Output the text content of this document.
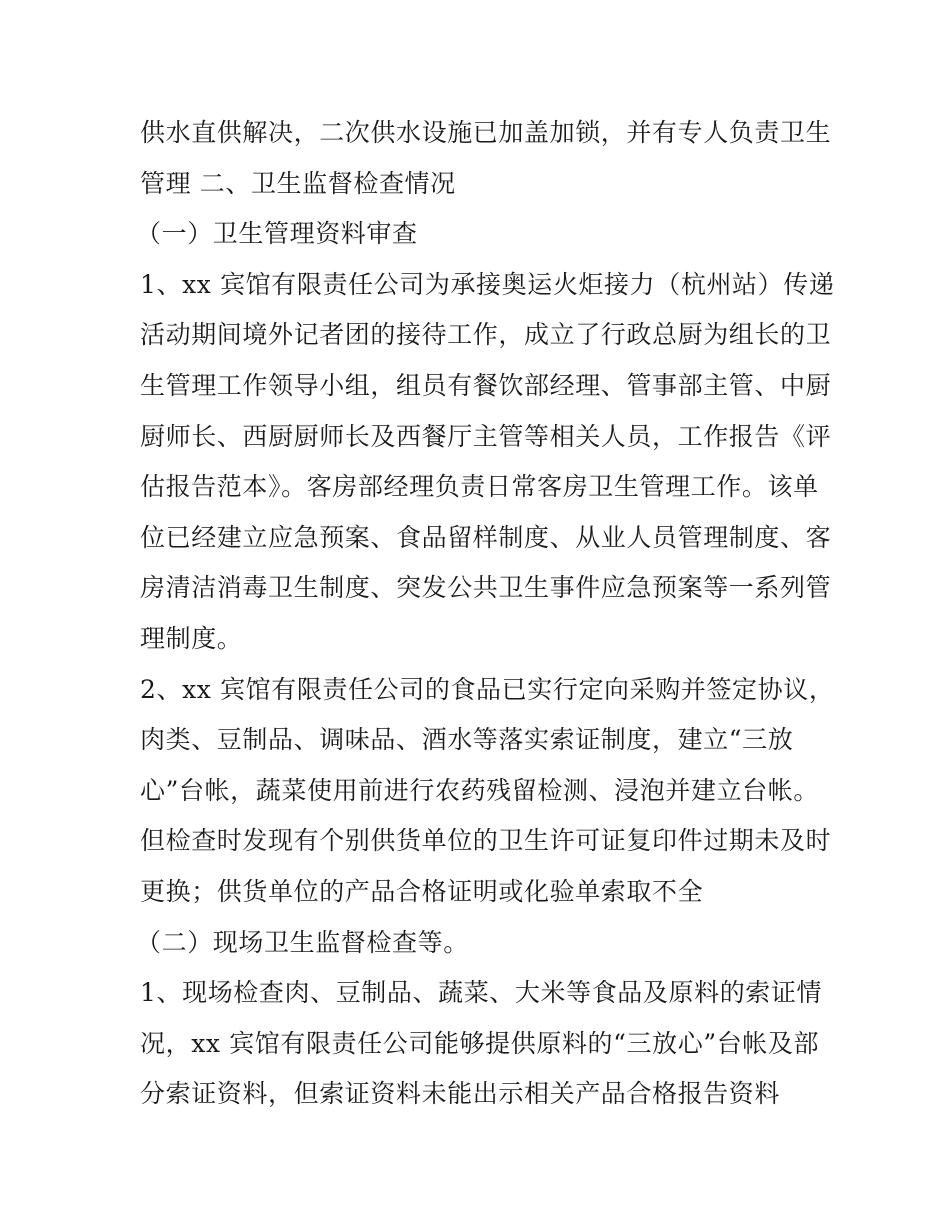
供水直供解决，二次供水设施已加盖加锁，并有专人负责卫生
管理 二、卫生监督检查情况
（一）卫生管理资料审查
1、xx 宾馆有限责任公司为承接奥运火炬接力（杭州站）传递
活动期间境外记者团的接待工作，成立了行政总厨为组长的卫
生管理工作领导小组，组员有餐饮部经理、管事部主管、中厨
厨师长、西厨厨师长及西餐厅主管等相关人员，工作报告《评
估报告范本》。客房部经理负责日常客房卫生管理工作。该单
位已经建立应急预案、食品留样制度、从业人员管理制度、客
房清洁消毒卫生制度、突发公共卫生事件应急预案等一系列管
理制度。
2、xx 宾馆有限责任公司的食品已实行定向采购并签定协议，
肉类、豆制品、调味品、酒水等落实索证制度，建立“三放
心”台帐，蔬菜使用前进行农药残留检测、浸泡并建立台帐。
但检查时发现有个别供货单位的卫生许可证复印件过期未及时
更换；供货单位的产品合格证明或化验单索取不全
（二）现场卫生监督检查等。
1、现场检查肉、豆制品、蔬菜、大米等食品及原料的索证情
况，xx 宾馆有限责任公司能够提供原料的“三放心”台帐及部
分索证资料，但索证资料未能出示相关产品合格报告资料
